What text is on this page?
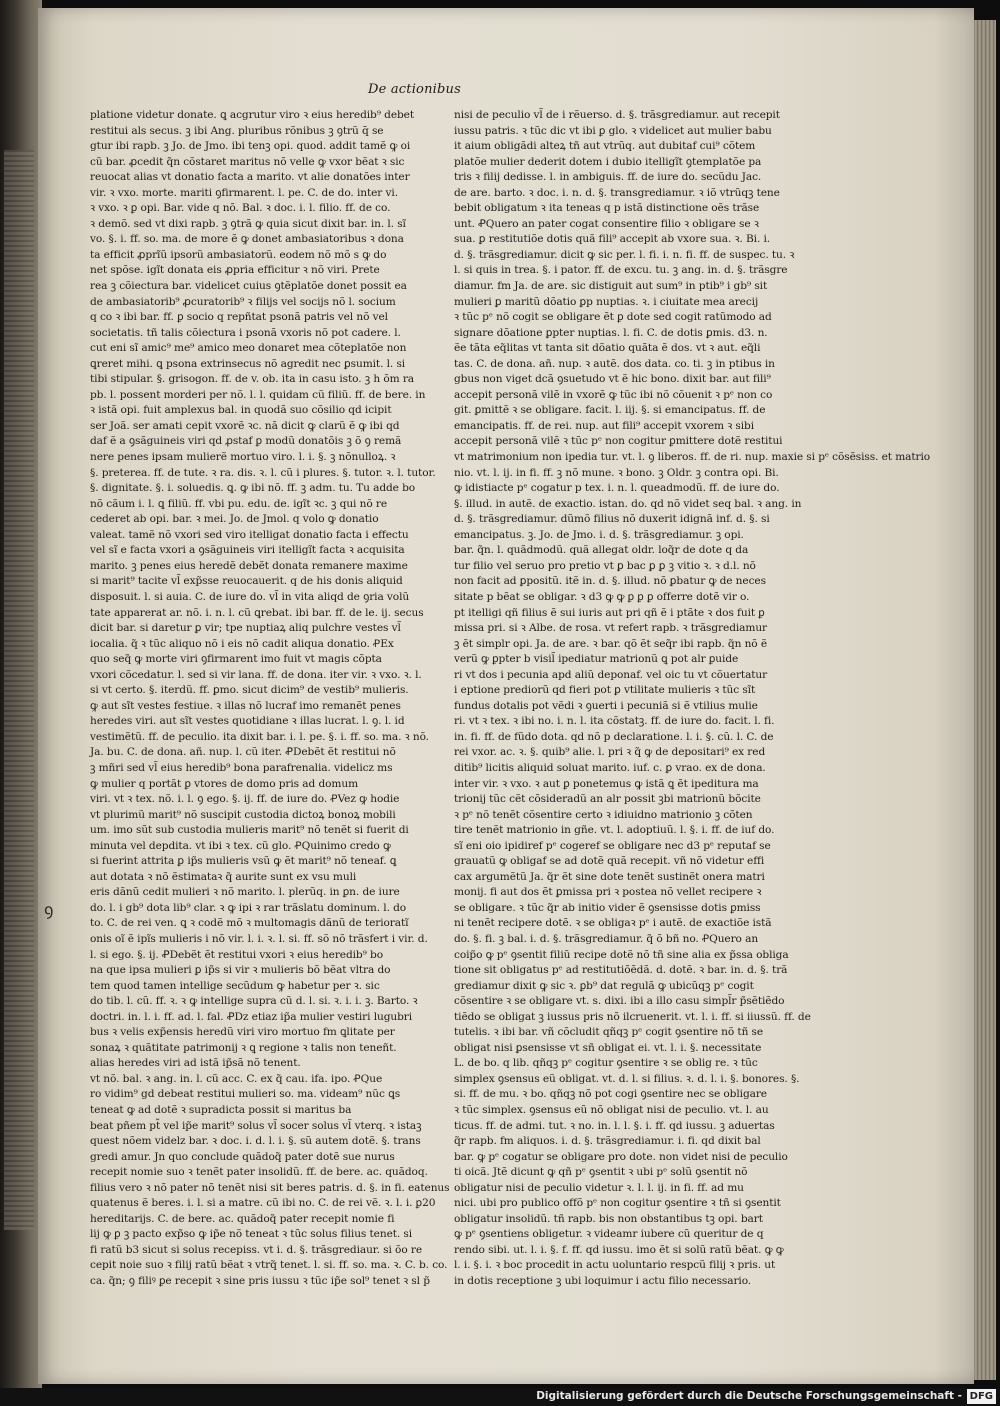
De actionibus
platione videtur donate. ꝗ acgrutur viro ꝛ eius heredib⁹ debet
restitui als secus. ꝫ ibi Ang. pluribus rõnibus ꝫ ꝯtrũ q̄ se
gtur ibi rapb. ꝫ Jo. de Jmo. ibi tenꝫ opi. quod. addit tamẽ ꝙ oi
cũ bar. ꝓcedit q̃n cõstaret maritus nõ velle ꝙ vxor bẽat ꝛ sic
reuocat alias vt donatio facta a marito. vt alie donatões inter
vir. ꝛ vxo. morte. mariti ꝯfirmarent. l. pe. C. de do. inter vi.
ꝛ vxo. ꝛ ꝑ opi. Bar. vide q nõ. Bal. ꝛ doc. i. l. filio. ff. de co.
ꝛ demõ. sed vt dixi rapb. ꝫ ꝯtrã ꝙ quia sicut dixit bar. in. l. sĩ
vo. §. i. ff. so. ma. de more ẽ ꝙ donet ambasiatoribus ꝛ dona
ta efficit ꝓprĩũ ipsorũ ambasiatorũ. eodem nõ mõ s ꝙ do
net spõse. igĩt donata eis ꝓpria efficitur ꝛ nõ viri. Prete
rea ꝫ cõiectura bar. videlicet cuius ꝯtẽplatõe donet possit ea
de ambasiatorib⁹ ꝓcuratorib⁹ ꝛ filijs vel socijs nõ l. socium
q co ꝛ ibi bar. ff. ꝑ socio q repñtat psonã patris vel nõ vel
societatis. tñ talis cõiectura i psonã vxoris nõ pot cadere. l.
cut eni sĩ amic⁹ me⁹ amico meo donaret mea cõteplatõe non
ꝗreret mihi. ꝗ psona extrinsecus nõ agredit nec ꝑsumit. l. si
tibi stipular. §. grisogon. ff. de v. ob. ita in casu isto. ꝫ h õm ra
pb. l. possent morderi per nõ. l. l. quidam cũ filiũ. ff. de bere. in
ꝛ istã opi. fuit amplexus bal. in quodã suo cõsilio qd icipit
ser Joã. ser amati cepit vxorẽ ꝛc. nã dicit ꝙ clarũ ẽ ꝙ ibi qd
daf ẽ a ꝯsãguineis viri qd ꝓstaf ꝑ modũ donatõis ꝫ õ ꝯ remã
nere penes ipsam mulierẽ mortuo viro. l. i. §. ꝫ nõnulloꝝ. ꝛ
§. preterea. ff. de tute. ꝛ ra. dis. ꝛ. l. cũ i plures. §. tutor. ꝛ. l. tutor.
§. dignitate. §. i. soluedis. ꝗ. ꝙ ibi nõ. ff. ꝫ adm. tu. Tu adde bo
nõ cãum i. l. ꝗ filiũ. ff. vbi pu. edu. de. igĩt ꝛc. ꝫ qui nõ re
cederet ab opi. bar. ꝛ mei. Jo. de Jmol. q volo ꝙ donatio
valeat. tamẽ nõ vxori sed viro itelligat donatio facta i effectu
vel sĩ e facta vxori a ꝯsãguineis viri itelligĩt facta ꝛ acquisita
marito. ꝫ penes eius heredẽ debẽt donata remanere maxime
si marit⁹ tacite vl̃ exp̃sse reuocauerit. q de his donis aliquid
disposuit. l. si auia. C. de iure do. vl̃ in vita aliqd de ꝯria volũ
tate apparerat ar. nõ. i. n. l. cũ ꝗrebat. ibi bar. ff. de le. ij. secus
dicit bar. si daretur ꝑ vir; tpe nuptiaꝝ aliq pulchre vestes vl̃
iocalia. q̃ ꝛ tũc aliquo nõ i eis nõ cadit aliqua donatio. ꝒEx
quo seq̃ ꝙ morte viri ꝯfirmarent imo fuit vt magis cõpta
vxori cõcedatur. l. sed si vir lana. ff. de dona. iter vir. ꝛ vxo. ꝛ. l.
si vt certo. §. iterdũ. ff. ꝑmo. sicut dicim⁹ de vestib⁹ mulieris.
ꝙ aut sĩt vestes festiue. ꝛ illas nõ lucraf imo remanẽt penes
heredes viri. aut sĩt vestes quotidiane ꝛ illas lucrat. l. ꝯ. l. id
vestimẽtũ. ff. de peculio. ita dixit bar. i. l. pe. §. i. ff. so. ma. ꝛ nõ.
Ja. bu. C. de dona. añ. nup. l. cũ iter. ꝒDebẽt ẽt restitui nõ
ꝫ mñri sed vl̃ eius heredib⁹ bona parafrenalia. videlicz ms
ꝙ mulier q portãt ꝑ vtores de domo pris ad domum
viri. vt ꝛ tex. nõ. i. l. ꝯ ego. §. ij. ff. de iure do. ꝒVez ꝙ hodie
vt plurimũ marit⁹ nõ suscipit custodia dictoꝝ bonoꝝ mobili
um. imo sũt sub custodia mulieris marit⁹ nõ tenẽt si fuerit di
minuta vel depdita. vt ibi ꝛ tex. cũ glo. ꝒQuinimo credo ꝙ
si fuerint attrita ꝑ ip̃s mulieris vsũ ꝙ ẽt marit⁹ nõ teneaf. ꝗ
aut dotata ꝛ nõ ẽstimataꝛ q̃ aurite sunt ex vsu muli
eris dãnũ cedit mulieri ꝛ nõ marito. l. plerũq. in ꝑn. de iure
do. l. i gb⁹ dota lib⁹ clar. ꝛ ꝙ ipi ꝛ rar trãslatu dominum. l. do
to. C. de rei ven. ꝗ ꝛ codẽ mõ ꝛ multomagis dãnũ de terioratĩ
onis oĩ ẽ ipĩs mulieris i nõ vir. l. i. ꝛ. l. si. ff. sõ nõ trãsfert i vir. d.
l. si ego. §. ij. ꝒDebẽt ẽt restitui vxori ꝛ eius heredib⁹ bo
na que ipsa mulieri ꝑ ip̃s si vir ꝛ mulieris bõ bẽat vltra do
tem quod tamen intellige secũdum ꝙ habetur per ꝛ. sic
do tib. l. cũ. ff. ꝛ. ꝛ ꝙ intellige supra cũ d. l. si. ꝛ. i. i. ꝫ. Barto. ꝛ
doctri. in. l. i. ff. ad. l. fal. ꝒDz etiaz ip̃a mulier vestiri lugubri
bus ꝛ velis exp̃ensis heredũ viri viro mortuo fm ꝗlitate per
sonaꝝ ꝛ quãtitate patrimonij ꝛ ꝗ regione ꝛ talis non teneñt.
alias heredes viri ad istã ip̃sã nõ tenent.
vt nõ. bal. ꝛ ang. in. l. cũ acc. C. ex q̃ cau. ifa. ipo. ꝒQue
ro vidim⁹ gd debeat restitui mulieri so. ma. videam⁹ nũc ꝗs
teneat ꝙ ad dotẽ ꝛ supradicta possit si maritus ba
beat pñem pt̃ vel ip̃e marit⁹ solus vl̃ socer solus vl̃ vterq. ꝛ istaꝫ
quest nõem videlz bar. ꝛ doc. i. d. l. i. §. sũ autem dotẽ. §. trans
gredi amur. Jn quo conclude quãdoq̃ pater dotẽ sue nurus
recepit nomie suo ꝛ tenẽt pater insolidũ. ff. de bere. ac. quãdoq.
filius vero ꝛ nõ pater nõ tenẽt nisi sit beres patris. d. §. in fi. eatenus
quatenus ẽ beres. i. l. si a matre. cũ ibi no. C. de rei vẽ. ꝛ. l. i. ꝑ20
hereditarijs. C. de bere. ac. quãdoq̃ pater recepit nomie fi
lij ꝙ ꝑ ꝫ pacto exp̃so ꝙ ip̃e nõ teneat ꝛ tũc solus filius tenet. si
fi ratũ b3 sicut si solus recepiss. vt i. d. §. trãsgrediaur. si õo re
cepit noie suo ꝛ filij ratũ bẽat ꝛ vtrq̃ tenet. l. si. ff. so. ma. ꝛ. C. b. co.
ca. q̃n; ꝯ filiꝰ ꝑe recepit ꝛ sine pris iussu ꝛ tũc ip̃e sol⁹ tenet ꝛ sl p̃
nisi de peculio vl̃ de i rẽuerso. d. §. trãsgrediamur. aut recepit
iussu patris. ꝛ tũc dic vt ibi ꝑ glo. ꝛ videlicet aut mulier babu
it aium obligãdi alteꝝ tñ aut vtrũq. aut dubitaf cui⁹ cõtem
platõe mulier dederit dotem i dubio itelligĩt ꝯtemplatõe pa
tris ꝛ filij dedisse. l. in ambiguis. ff. de iure do. secũdu Jac.
de are. barto. ꝛ doc. i. n. d. §. transgrediamur. ꝛ iõ vtrũqꝫ tene
bebit obligatum ꝛ ita teneas q p istã distinctione oẽs trãse
unt. ꝒQuero an pater cogat consentire filio ꝛ obligare se ꝛ
sua. ꝑ restitutiõe dotis quã fili⁹ accepit ab vxore sua. ꝛ. Bi. i.
d. §. trãsgrediamur. dicit ꝙ sic per. l. fi. i. n. fi. ff. de suspec. tu. ꝛ
l. si quis in trea. §. i pator. ff. de excu. tu. ꝫ ang. in. d. §. trãsgre
diamur. fm Ja. de are. sic distiguit aut sum⁹ in ptib⁹ i gb⁹ sit
mulieri ꝑ maritũ dõatio ꝑp nuptias. ꝛ. i ciuitate mea arecij
ꝛ tũc pᵉ nõ cogit se obligare ẽt ꝑ dote sed cogit ratũmodo ad
signare dõatione ꝑpter nuptias. l. fi. C. de dotis ꝑmis. d3. n.
ẽe tãta eq̃litas vt tanta sit dõatio quãta ẽ dos. vt ꝛ aut. eq̃li
tas. C. de dona. añ. nup. ꝛ autẽ. dos data. co. ti. ꝫ in ptibus in
gbus non viget dcã ꝯsuetudo vt ẽ hic bono. dixit bar. aut fili⁹
accepit personã vilẽ in vxorẽ ꝙ tũc ibi nõ cõuenit ꝛ pᵉ non co
git. ꝑmittẽ ꝛ se obligare. facit. l. iij. §. si emancipatus. ff. de
emancipatis. ff. de rei. nup. aut fili⁹ accepit vxorem ꝛ sibi
accepit personã vilẽ ꝛ tũc pᵉ non cogitur ꝑmittere dotẽ restitui
vt matrimonium non ipedia tur. vt. l. ꝯ liberos. ff. de ri. nup. maxie si pᵉ cõsẽsiss. et matrio
nio. vt. l. ij. in fi. ff. ꝫ nõ mune. ꝛ bono. ꝫ Oldr. ꝫ contra opi. Bi.
ꝙ idistiacte pᵉ cogatur p tex. i. n. l. queadmodũ. ff. de iure do.
§. illud. in autẽ. de exactio. istan. do. qd nõ videt seq bal. ꝛ ang. in
d. §. trãsgrediamur. dũmõ filius nõ duxerit idignã inf. d. §. si
emancipatus. ꝫ. Jo. de Jmo. i. d. §. trãsgrediamur. ꝫ opi.
bar. q̃n. l. quãdmodũ. quã allegat oldr. loq̃r de dote q da
tur filio vel seruo pro pretio vt ꝑ bac ꝑ ꝑ ꝫ vitio ꝛ. ꝛ d.l. nõ
non facit ad ꝑpositũ. itẽ in. d. §. illud. nõ ꝑbatur ꝙ de neces
sitate p bẽat se obligar. ꝛ d3 ꝙ ꝙ ꝑ ꝑ ꝑ offerre dotẽ vir o.
pt itelligi qñ filius ẽ sui iuris aut pri qñ ẽ i ptãte ꝛ dos fuit ꝑ
missa pri. si ꝛ Albe. de rosa. vt refert rapb. ꝛ trãsgrediamur
ꝫ ẽt simplr opi. Ja. de are. ꝛ bar. qõ ẽt seq̃r ibi rapb. q̃n nõ ẽ
verũ ꝙ ꝑpter b visil̃ ipediatur matrionũ ꝗ pot alr ꝑuide
ri vt dos i pecunia apd aliũ deponaf. vel oic tu vt cõuertatur
i eptione prediorũ qd fieri pot ꝑ vtilitate mulieris ꝛ tũc sĩt
fundus dotalis pot vẽdi ꝛ ꝯuerti i pecuniã si ẽ vtilius mulie
ri. vt ꝛ tex. ꝛ ibi no. i. n. l. ita cõstatꝫ. ff. de iure do. facit. l. fi.
in. fi. ff. de fũdo dota. qd nõ p declaratione. l. i. §. cũ. l. C. de
rei vxor. ac. ꝛ. §. quib⁹ alie. l. pri ꝛ q̃ ꝙ de depositari⁹ ex red
ditib⁹ licitis aliquid soluat marito. iuf. c. ꝑ vrao. ex de dona.
inter vir. ꝛ vxo. ꝛ aut ꝑ ponetemus ꝙ istã ꝗ ẽt ipeditura ma
trionij tũc cẽt cõsideradũ an alr possit ꝫbi matrionũ bõcite
ꝛ pᵉ nõ tenẽt cõsentire certo ꝛ idiuidno matrionio ꝫ cõten
tire tenẽt matrionio in gñe. vt. l. adoptiuũ. l. §. i. ff. de iuf do.
sĩ eni oio ipidiref pᵉ cogeref se obligare nec d3 pᵉ reputaf se
grauatũ ꝙ obligaf se ad dotẽ quã recepit. vñ nõ videtur effi
cax argumẽtũ Ja. q̃r ẽt sine dote tenẽt sustinẽt onera matri
monij. fi aut dos ẽt ꝑmissa pri ꝛ postea nõ vellet recipere ꝛ
se obligare. ꝛ tũc q̃r ab initio vider ẽ ꝯsensisse dotis ꝑmiss
ni tenẽt recipere dotẽ. ꝛ se obligaꝛ pᵉ i autẽ. de exactiõe istã
do. §. fi. ꝫ bal. i. d. §. trãsgrediamur. q̃ õ bñ no. ꝒQuero an
coip̃o ꝙ pᵉ ꝯsentit filiũ recipe dotẽ nõ tñ sine alia ex p̃ssa obliga
tione sit obligatus pᵉ ad restitutiõẽdã. d. dotẽ. ꝛ bar. in. d. §. trã
grediamur dixit ꝙ sic ꝛ. ꝑb⁹ dat regulã ꝙ ubicũqꝫ pᵉ cogit
cõsentire ꝛ se obligare vt. s. dixi. ibi a illo casu simpl̃r p̃sẽtiẽdo
tiẽdo se obligat ꝫ iussus pris nõ ilcruenerit. vt. l. i. ff. si iiussũ. ff. de
tutelis. ꝛ ibi bar. vñ cõcludit qñqꝫ pᵉ cogit ꝯsentire nõ tñ se
obligat nisi ꝑsensisse vt sñ obligat ei. vt. l. i. §. necessitate
L. de bo. q lib. qñqꝫ pᵉ cogitur ꝯsentire ꝛ se oblig re. ꝛ tũc
simplex ꝯsensus eũ obligat. vt. d. l. si filius. ꝛ. d. l. i. §. bonores. §.
si. ff. de mu. ꝛ bo. qñqꝫ nõ pot cogi ꝯsentire nec se obligare
ꝛ tũc simplex. ꝯsensus eũ nõ obligat nisi de peculio. vt. l. au
ticus. ff. de admi. tut. ꝛ no. in. l. l. §. i. ff. qd iussu. ꝫ aduertas
q̃r rapb. fm aliquos. i. d. §. trãsgrediamur. i. fi. qd dixit bal
bar. ꝙ pᵉ cogatur se obligare pro dote. non videt nisi de peculio
ti oicã. Jtẽ dicunt ꝙ qñ pᵉ ꝯsentit ꝛ ubi pᵉ solũ ꝯsentit nõ
obligatur nisi de peculio videtur ꝛ. l. l. ij. in fi. ff. ad mu
nici. ubi pro publico offõ pᵉ non cogitur ꝯsentire ꝛ tñ si ꝯsentit
obligatur insolidũ. tñ rapb. bis non obstantibus tꝫ opi. bart
ꝙ pᵉ ꝯsentiens obligetur. ꝛ videamr iubere cũ queritur de q
rendo sibi. ut. l. i. §. f. ff. qd iussu. imo ẽt si solũ ratũ bẽat. ꝙ ꝙ
l. i. §. i. ꝛ boc procedit in actu uoluntario respcũ filij ꝛ pris. ut
in dotis receptione ꝫ ubi loquimur i actu filio necessario.
ꝯ
Digitalisierung gefördert durch die Deutsche Forschungsgemeinschaft - DFG
